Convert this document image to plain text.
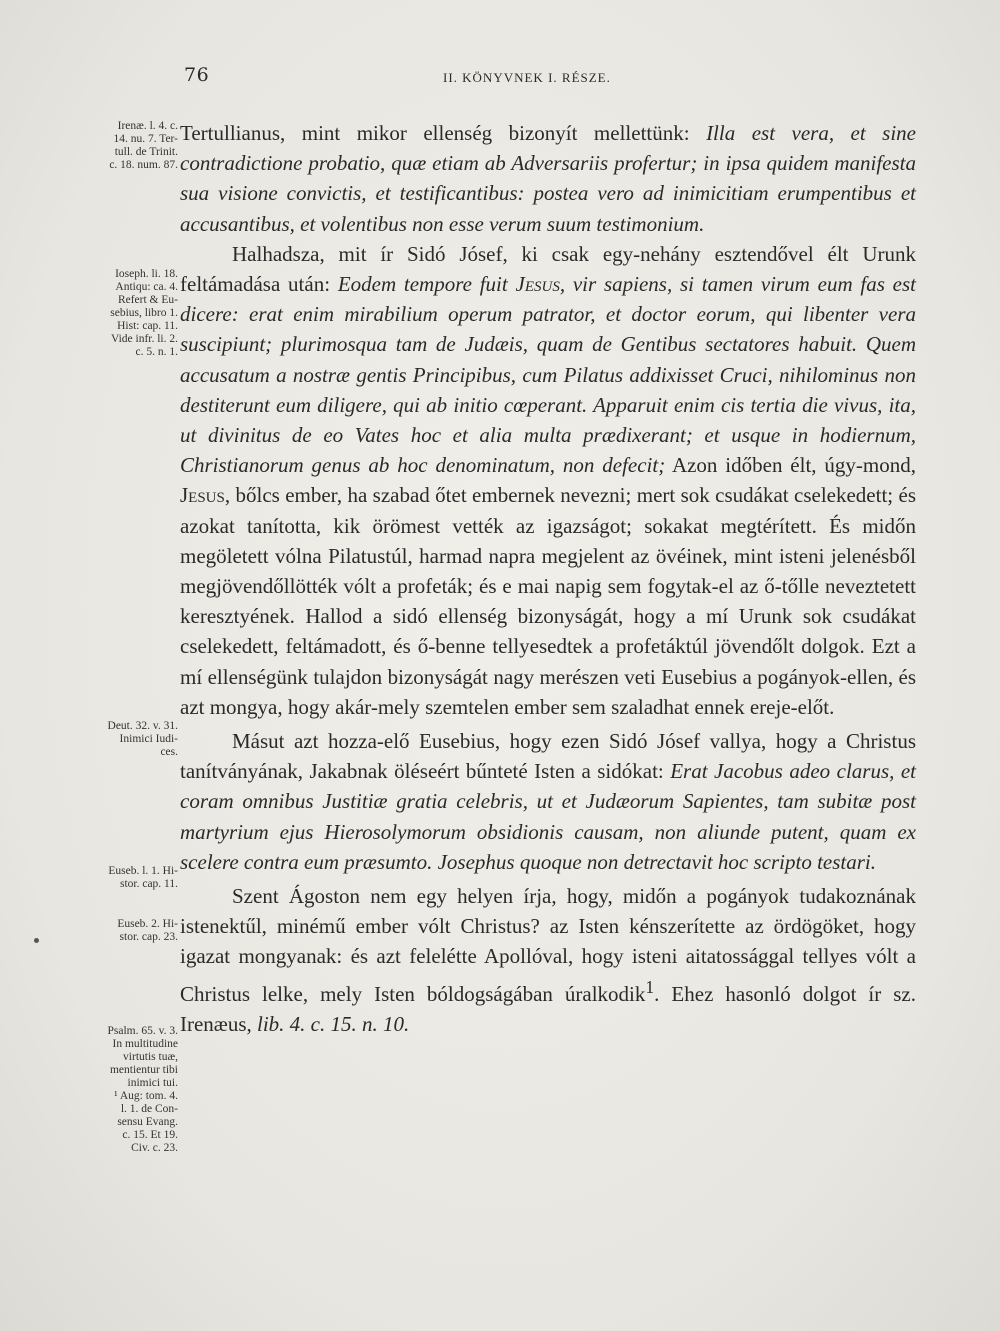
76	II. KÖNYVNEK I. RÉSZE.
Irenæ. l. 4. c.
14. nu. 7. Ter-
tull. de Trinit.
c. 18. num. 87.
Ioseph. li. 18.
Antiqu: ca. 4.
Refert & Eu-
sebius, libro 1.
Hist: cap. 11.
Vide infr. li. 2.
c. 5. n. 1.
Deut. 32. v. 31.
Inimici Iudi-
ces.
Euseb. l. 1. Hi-
stor. cap. 11.
Euseb. 2. Hi-
stor. cap. 23.
Psalm. 65. v. 3.
In multitudine
virtutis tuæ,
mentientur tibi
inimici tui.
¹ Aug: tom. 4.
l. 1. de Con-
sensu Evang.
c. 15. Et 19.
Civ. c. 23.

Tertullianus, mint mikor ellenség bizonyít mellettünk: Illa est vera, et sine contradictione probatio, quæ etiam ab Adversariis profertur; in ipsa quidem manifesta sua visione convictis, et testificantibus: postea vero ad inimicitiam erumpentibus et accusantibus, et volentibus non esse verum suum testimonium.

Halhadsza, mit ír Sidó Jósef, ki csak egy-nehány esztendővel élt Urunk feltámadása után: Eodem tempore fuit Jesus, vir sapiens, si tamen virum eum fas est dicere: erat enim mirabilium operum patrator, et doctor eorum, qui libenter vera suscipiunt; plurimosqua tam de Judæis, quam de Gentibus sectatores habuit. Quem accusatum a nostræ gentis Principibus, cum Pilatus addixisset Cruci, nihilominus non destiterunt eum diligere, qui ab initio cœperant. Apparuit enim cis tertia die vivus, ita, ut divinitus de eo Vates hoc et alia multa prædixerant; et usque in hodiernum, Christianorum genus ab hoc denominatum, non defecit; Azon időben élt, úgy-mond, Jesus, bőlcs ember, ha szabad őtet embernek nevezni; mert sok csudákat cselekedett; és azokat tanította, kik örömest vették az igazságot; sokakat megtérített. És midőn megöletett vólna Pilatustúl, harmad napra megjelent az övéinek, mint isteni jelenésből megjövendőllötték vólt a profeták; és e mai napig sem fogytak-el az ő-tőlle neveztetett keresztyének. Hallod a sidó ellenség bizonyságát, hogy a mí Urunk sok csudákat cselekedett, feltámadott, és ő-benne tellyesedtek a profetáktúl jövendőlt dolgok. Ezt a mí ellenségünk tulajdon bizonyságát nagy merészen veti Eusebius a pogányok-ellen, és azt mongya, hogy akár-mely szemtelen ember sem szaladhat ennek ereje-előt.

Másut azt hozza-elő Eusebius, hogy ezen Sidó Jósef vallya, hogy a Christus tanítványának, Jakabnak öléseért bűnteté Isten a sidókat: Erat Jacobus adeo clarus, et coram omnibus Justitiæ gratia celebris, ut et Judæorum Sapientes, tam subitæ post martyrium ejus Hierosolymorum obsidionis causam, non aliunde putent, quam ex scelere contra eum præsumto. Josephus quoque non detrectavit hoc scripto testari.

Szent Ágoston nem egy helyen írja, hogy, midőn a pogányok tudakoznának istenektűl, minémű ember vólt Christus? az Isten kénszerítette az ördögöket, hogy igazat mongyanak: és azt felelétte Apollóval, hogy isteni aitatossággal tellyes vólt a Christus lelke, mely Isten bóldogságában úralkodik$^1$. Ehez hasonló dolgot ír sz. Irenæus, lib. 4. c. 15. n. 10.
